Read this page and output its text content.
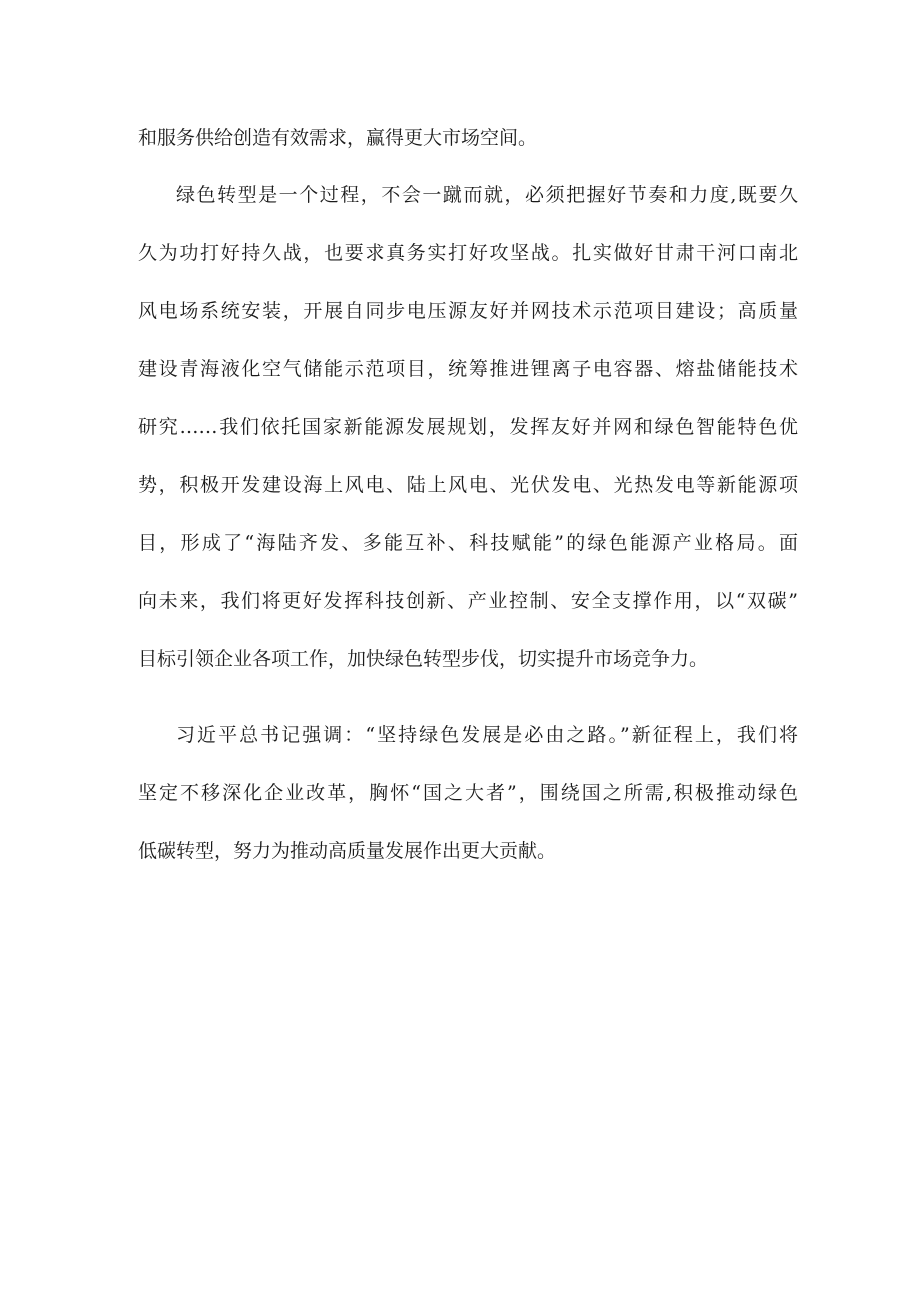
和服务供给创造有效需求，赢得更大市场空间。
绿色转型是一个过程，不会一蹴而就，必须把握好节奏和力度,既要久
久为功打好持久战，也要求真务实打好攻坚战。扎实做好甘肃干河口南北
风电场系统安装，开展自同步电压源友好并网技术示范项目建设；高质量
建设青海液化空气储能示范项目，统筹推进锂离子电容器、熔盐储能技术
研究……我们依托国家新能源发展规划，发挥友好并网和绿色智能特色优
势，积极开发建设海上风电、陆上风电、光伏发电、光热发电等新能源项
目，形成了“海陆齐发、多能互补、科技赋能”的绿色能源产业格局。面
向未来，我们将更好发挥科技创新、产业控制、安全支撑作用，以“双碳”
目标引领企业各项工作，加快绿色转型步伐，切实提升市场竞争力。
习近平总书记强调：“坚持绿色发展是必由之路。”新征程上，我们将
坚定不移深化企业改革，胸怀“国之大者”，围绕国之所需,积极推动绿色
低碳转型，努力为推动高质量发展作出更大贡献。
